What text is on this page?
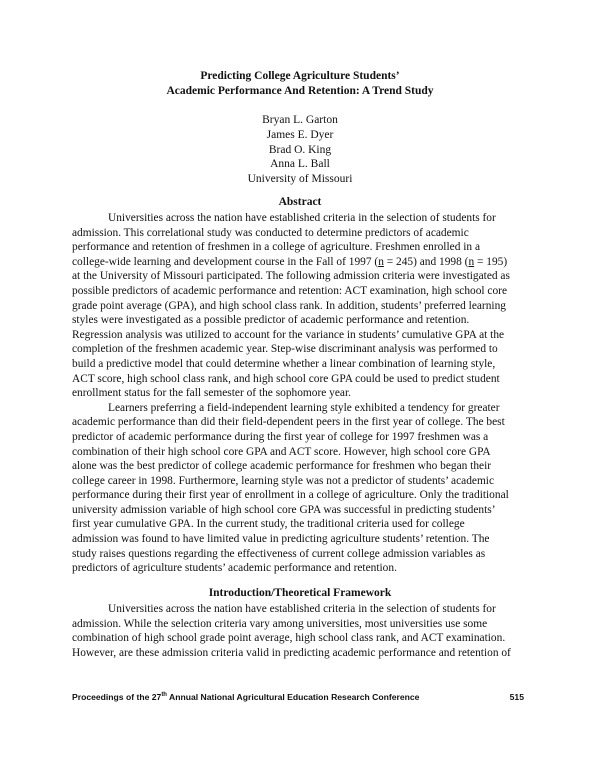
Predicting College Agriculture Students’
Academic Performance And Retention: A Trend Study
Bryan L. Garton
James E. Dyer
Brad O. King
Anna L. Ball
University of Missouri
Abstract
Universities across the nation have established criteria in the selection of students for
admission. This correlational study was conducted to determine predictors of academic
performance and retention of freshmen in a college of agriculture. Freshmen enrolled in a
college-wide learning and development course in the Fall of 1997 (n = 245) and 1998 (n = 195)
at the University of Missouri participated. The following admission criteria were investigated as
possible predictors of academic performance and retention: ACT examination, high school core
grade point average (GPA), and high school class rank. In addition, students’ preferred learning
styles were investigated as a possible predictor of academic performance and retention.
Regression analysis was utilized to account for the variance in students’ cumulative GPA at the
completion of the freshmen academic year. Step-wise discriminant analysis was performed to
build a predictive model that could determine whether a linear combination of learning style,
ACT score, high school class rank, and high school core GPA could be used to predict student
enrollment status for the fall semester of the sophomore year.
Learners preferring a field-independent learning style exhibited a tendency for greater
academic performance than did their field-dependent peers in the first year of college. The best
predictor of academic performance during the first year of college for 1997 freshmen was a
combination of their high school core GPA and ACT score. However, high school core GPA
alone was the best predictor of college academic performance for freshmen who began their
college career in 1998. Furthermore, learning style was not a predictor of students’ academic
performance during their first year of enrollment in a college of agriculture. Only the traditional
university admission variable of high school core GPA was successful in predicting students’
first year cumulative GPA. In the current study, the traditional criteria used for college
admission was found to have limited value in predicting agriculture students’ retention. The
study raises questions regarding the effectiveness of current college admission variables as
predictors of agriculture students’ academic performance and retention.
Introduction/Theoretical Framework
Universities across the nation have established criteria in the selection of students for
admission. While the selection criteria vary among universities, most universities use some
combination of high school grade point average, high school class rank, and ACT examination.
However, are these admission criteria valid in predicting academic performance and retention of
Proceedings of the 27th Annual National Agricultural Education Research Conference	515
